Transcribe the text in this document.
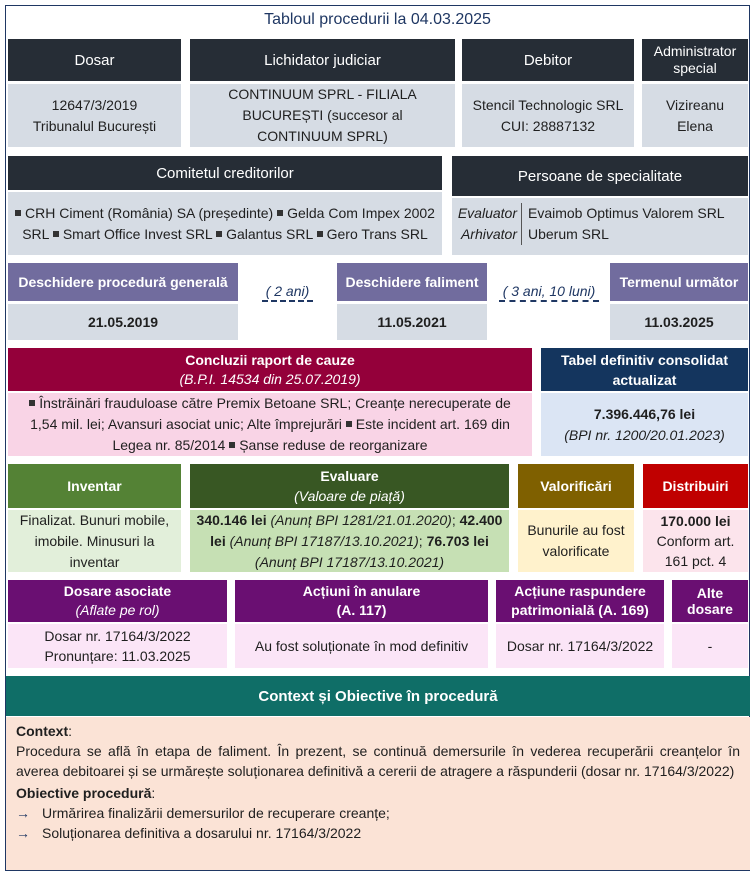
Tabloul procedurii la 04.03.2025
Dosar
12647/3/2019
Tribunalul București
Lichidator judiciar
CONTINUUM SPRL - FILIALA BUCUREȘTI (succesor al CONTINUUM SPRL)
Debitor
Stencil Technologic SRL
CUI: 28887132
Administrator special
Vizireanu
Elena
Comitetul creditorilor
CRH Ciment (România) SA (președinte) Gelda Com Impex 2002 SRL Smart Office Invest SRL Galantus SRL Gero Trans SRL
Persoane de specialitate
Evaluator Evaimob Optimus Valorem SRL
Arhivator Uberum SRL
Deschidere procedură generală
21.05.2019
( 2 ani)
Deschidere faliment
11.05.2021
( 3 ani, 10 luni)
Termenul următor
11.03.2025
Concluzii raport de cauze
(B.P.I. 14534 din 25.07.2019)
Înstrăinări frauduloase către Premix Betoane SRL; Creanțe nerecuperate de 1,54 mil. lei; Avansuri asociat unic; Alte împrejurări Este incident art. 169 din Legea nr. 85/2014 Șanse reduse de reorganizare
Tabel definitiv consolidat actualizat
7.396.446,76 lei
(BPI nr. 1200/20.01.2023)
Inventar
Finalizat. Bunuri mobile, imobile. Minusuri la inventar
Evaluare
(Valoare de piață)
340.146 lei (Anunț BPI 1281/21.01.2020); 42.400 lei (Anunț BPI 17187/13.10.2021); 76.703 lei (Anunț BPI 17187/13.10.2021)
Valorificări
Bunurile au fost valorificate
Distribuiri
170.000 lei
Conform art. 161 pct. 4
Dosare asociate
(Aflate pe rol)
Dosar nr. 17164/3/2022
Pronunțare: 11.03.2025
Acțiuni în anulare
(A. 117)
Au fost soluționate în mod definitiv
Acțiune raspundere patrimonială (A. 169)
Dosar nr. 17164/3/2022
Alte dosare
-
Context și Obiective în procedură
Context:
Procedura se află în etapa de faliment. În prezent, se continuă demersurile în vederea recuperării creanțelor în averea debitoarei și se urmărește soluționarea definitivă a cererii de atragere a răspunderii (dosar nr. 17164/3/2022)
Obiective procedură:
→ Urmărirea finalizării demersurilor de recuperare creanțe;
→ Soluționarea definitiva a dosarului nr. 17164/3/2022
